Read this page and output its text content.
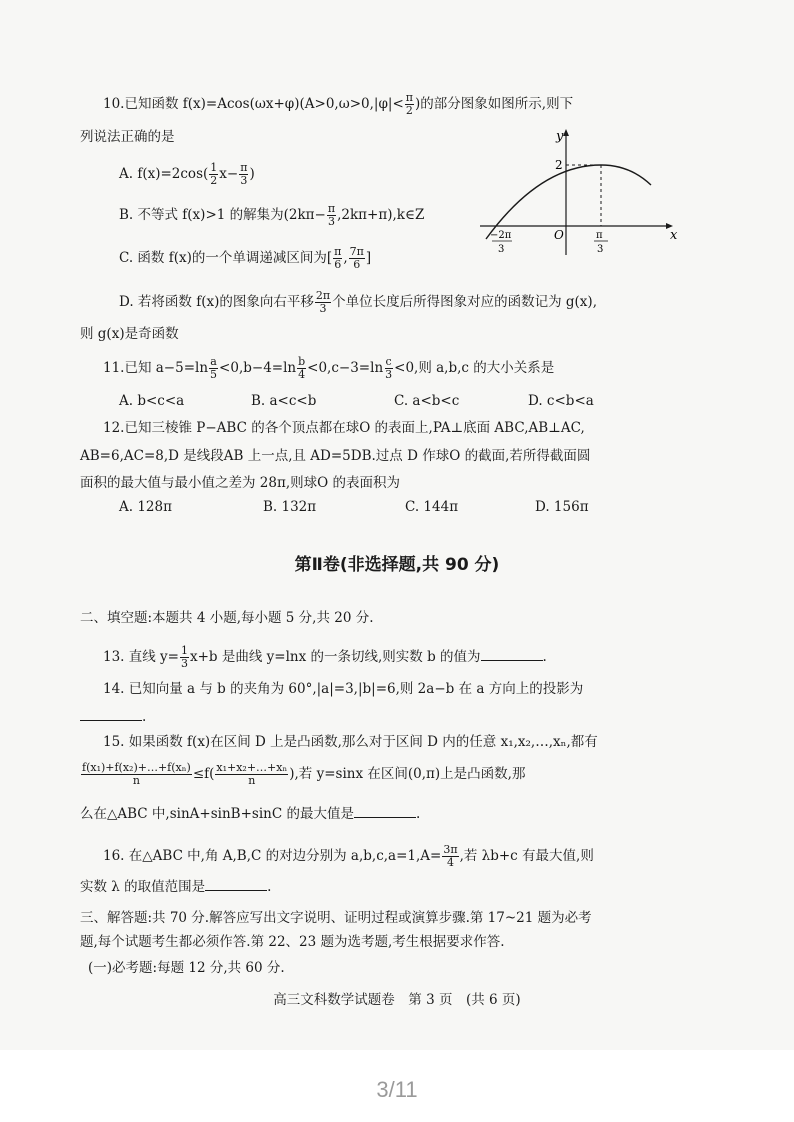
10.已知函数 $f(x)=Acos(\omega x+\varphi)(A>0,\omega>0,|\varphi|< \frac{\pi}{2}$ )的部分图象如图所示,则下
列说法正确的是
A. $f(x)=2\cos( \frac{1}{2} x- \frac{\pi}{3}$ )
B. 不等式 f(x)>1 的解集为($2k\pi- \frac{\pi}{3}$ ,2kπ+π),k∈Z
C. 函数 f(x)的一个单调递减区间为[ $\frac{\pi}{6}$ , $\frac{7\pi}{6}$ ]
D. 若将函数 f(x)的图象向右平移 $\frac{2\pi}{3}$ 个单位长度后所得图象对应的函数记为 g(x),
则 g(x)是奇函数
y
x
O
2
−2π
3
π
3
11.已知 $a-5=\ln \frac{a}{5} <0,b-4=\ln \frac{b}{4} <0,c-3=\ln \frac{c}{3} <0$,则 a,b,c 的大小关系是
A. b<c<a	B. a<c<b	C. a<b<c	D. c<b<a
12.已知三棱锥 P−ABC 的各个顶点都在球O 的表面上,PA⊥底面 ABC,AB⊥AC,
AB=6,AC=8,D 是线段AB 上一点,且 AD=5DB.过点 D 作球O 的截面,若所得截面圆
面积的最大值与最小值之差为 28π,则球O 的表面积为
A. 128π	B. 132π	C. 144π	D. 156π
第Ⅱ卷(非选择题,共 90 分)
二、填空题:本题共 4 小题,每小题 5 分,共 20 分.
13. 直线 $y= \frac{1}{3} x+b$ 是曲线 y=lnx 的一条切线,则实数 b 的值为	.
14. 已知向量 a 与 b 的夹角为 60°,|a|=3,|b|=6,则 2a−b 在 a 方向上的投影为
.
15. 如果函数 f(x)在区间 D 上是凸函数,那么对于区间 D 内的任意 x₁,x₂,…,xₙ,都有
$\frac{\text{f(x₁)+f(x₂)+…+f(xₙ)}}{n} \le f( \frac{\text{x₁+x₂+…+xₙ}}{n}$ ),若 y=sinx 在区间(0,π)上是凸函数,那
么在△ABC 中,sinA+sinB+sinC 的最大值是	.
16. 在△ABC 中,角 A,B,C 的对边分别为 $a,b,c,a=1,A= \frac{3\pi}{4}$ ,若 λb+c 有最大值,则
实数 λ 的取值范围是	.
三、解答题:共 70 分.解答应写出文字说明、证明过程或演算步骤.第 17~21 题为必考
题,每个试题考生都必须作答.第 22、23 题为选考题,考生根据要求作答.
(一)必考题:每题 12 分,共 60 分.
高三文科数学试题卷　第 3 页　(共 6 页)
3/11
